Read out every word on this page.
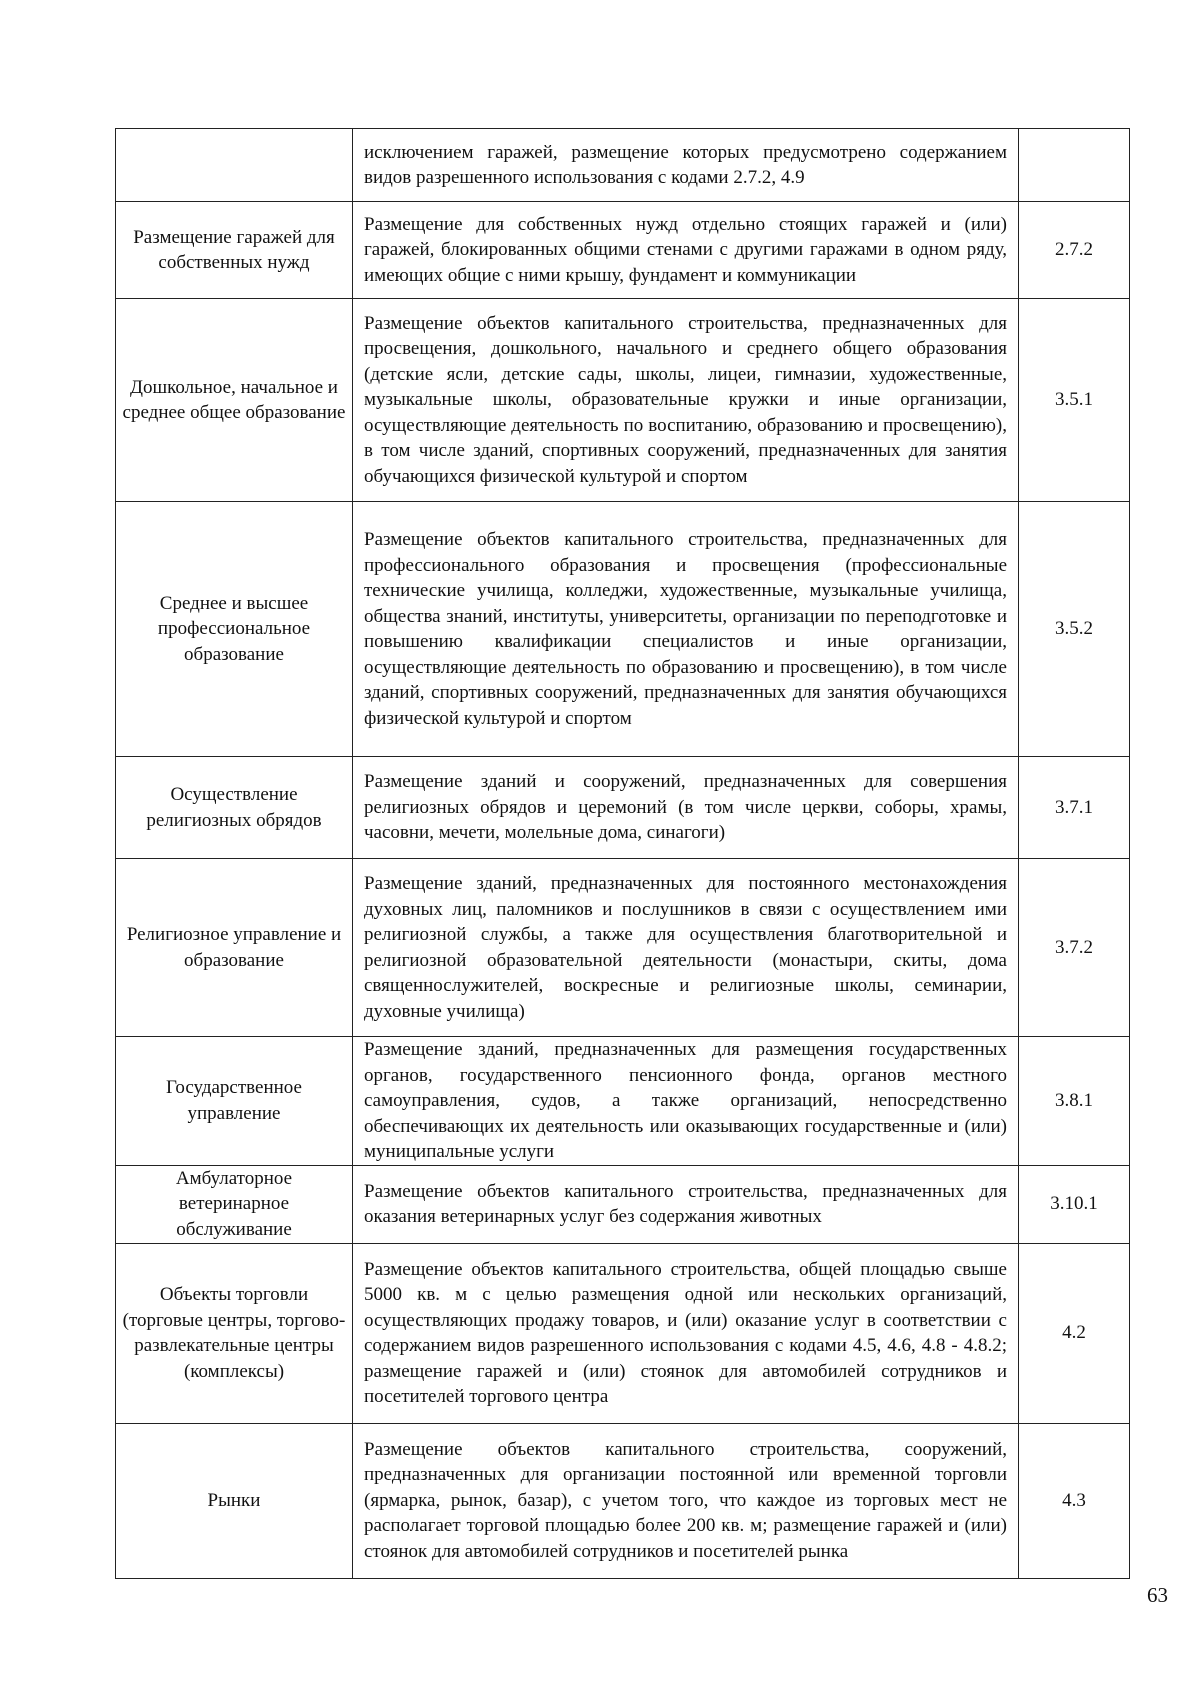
	исключением гаражей, размещение которых предусмотрено содержанием видов разрешенного использования с кодами 2.7.2, 4.9	
Размещение гаражей для собственных нужд	Размещение для собственных нужд отдельно стоящих гаражей и (или) гаражей, блокированных общими стенами с другими гаражами в одном ряду, имеющих общие с ними крышу, фундамент и коммуникации	2.7.2
Дошкольное, начальное и среднее общее образование	Размещение объектов капитального строительства, предназначенных для просвещения, дошкольного, начального и среднего общего образования (детские ясли, детские сады, школы, лицеи, гимназии, художественные, музыкальные школы, образовательные кружки и иные организации, осуществляющие деятельность по воспитанию, образованию и просвещению), в том числе зданий, спортивных сооружений, предназначенных для занятия обучающихся физической культурой и спортом	3.5.1
Среднее и высшее профессиональное образование	Размещение объектов капитального строительства, предназначенных для профессионального образования и просвещения (профессиональные технические училища, колледжи, художественные, музыкальные училища, общества знаний, институты, университеты, организации по переподготовке и повышению квалификации специалистов и иные организации, осуществляющие деятельность по образованию и просвещению), в том числе зданий, спортивных сооружений, предназначенных для занятия обучающихся физической культурой и спортом	3.5.2
Осуществление религиозных обрядов	Размещение зданий и сооружений, предназначенных для совершения религиозных обрядов и церемоний (в том числе церкви, соборы, храмы, часовни, мечети, молельные дома, синагоги)	3.7.1
Религиозное управление и образование	Размещение зданий, предназначенных для постоянного местонахождения духовных лиц, паломников и послушников в связи с осуществлением ими религиозной службы, а также для осуществления благотворительной и религиозной образовательной деятельности (монастыри, скиты, дома священнослужителей, воскресные и религиозные школы, семинарии, духовные училища)	3.7.2
Государственное управление	Размещение зданий, предназначенных для размещения государственных органов, государственного пенсионного фонда, органов местного самоуправления, судов, а также организаций, непосредственно обеспечивающих их деятельность или оказывающих государственные и (или) муниципальные услуги	3.8.1
Амбулаторное ветеринарное обслуживание	Размещение объектов капитального строительства, предназначенных для оказания ветеринарных услуг без содержания животных	3.10.1
Объекты торговли (торговые центры, торгово-развлекательные центры (комплексы)	Размещение объектов капитального строительства, общей площадью свыше 5000 кв. м с целью размещения одной или нескольких организаций, осуществляющих продажу товаров, и (или) оказание услуг в соответствии с содержанием видов разрешенного использования с кодами 4.5, 4.6, 4.8 - 4.8.2; размещение гаражей и (или) стоянок для автомобилей сотрудников и посетителей торгового центра	4.2
Рынки	Размещение объектов капитального строительства, сооружений, предназначенных для организации постоянной или временной торговли (ярмарка, рынок, базар), с учетом того, что каждое из торговых мест не располагает торговой площадью более 200 кв. м; размещение гаражей и (или) стоянок для автомобилей сотрудников и посетителей рынка	4.3
63
